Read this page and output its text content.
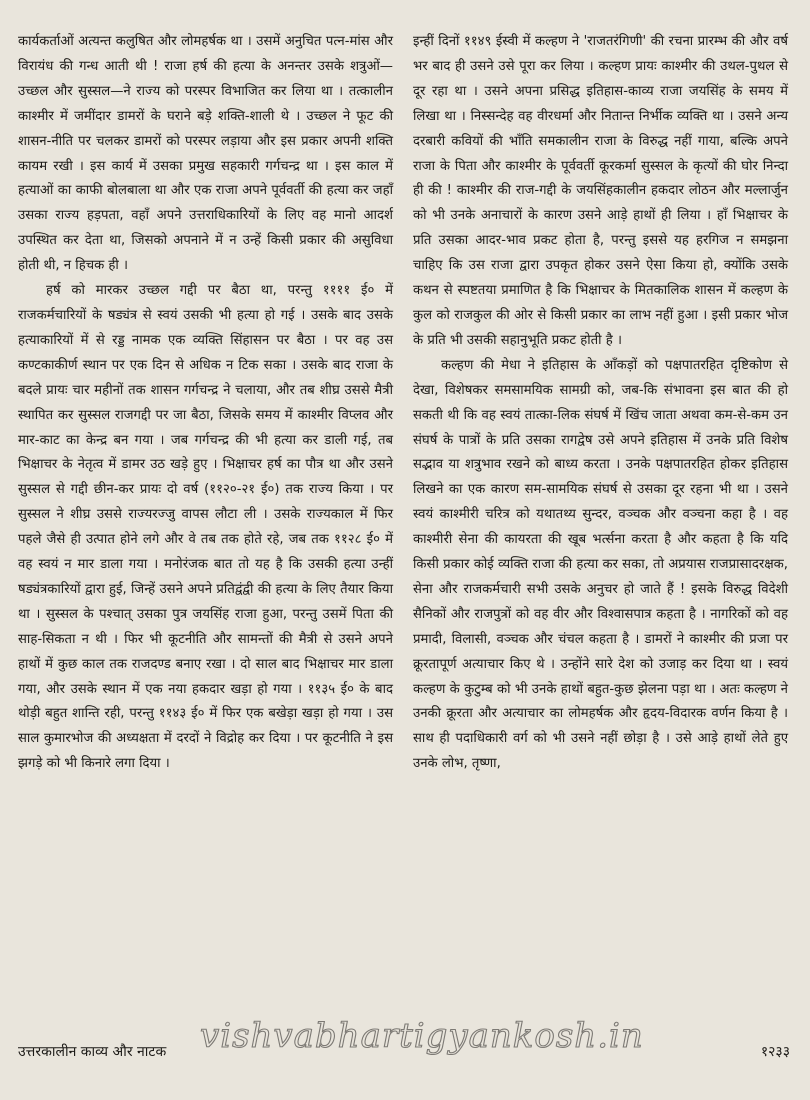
कार्यकर्ताओं अत्यन्त कलुषित और लोमहर्षक था । उसमें अनुचित पत्न-मांस और विरायंध की गन्ध आती थी ! राजा हर्ष की हत्या के अनन्तर उसके शत्रुओं—उच्छल और सुस्सल—ने राज्य को परस्पर विभाजित कर लिया था । तत्कालीन काश्मीर में जमींदार डामरों के घराने बड़े शक्ति-शाली थे । उच्छल ने फूट की शासन-नीति पर चलकर डामरों को परस्पर लड़ाया और इस प्रकार अपनी शक्ति कायम रखी । इस कार्य में उसका प्रमुख सहकारी गर्गचन्द्र था । इस काल में हत्याओं का काफी बोलबाला था और एक राजा अपने पूर्ववर्ती की हत्या कर जहाँ उसका राज्य हड़पता, वहाँ अपने उत्तराधिकारियों के लिए वह मानो आदर्श उपस्थित कर देता था, जिसको अपनाने में न उन्हें किसी प्रकार की असुविधा होती थी, न हिचक ही ।

हर्ष को मारकर उच्छल गद्दी पर बैठा था, परन्तु ११११ ई० में राजकर्मचारियों के षड्यंत्र से स्वयं उसकी भी हत्या हो गई । उसके बाद उसके हत्याकारियों में से रड्ड नामक एक व्यक्ति सिंहासन पर बैठा । पर वह उस कण्टकाकीर्ण स्थान पर एक दिन से अधिक न टिक सका । उसके बाद राजा के बदले प्रायः चार महीनों तक शासन गर्गचन्द्र ने चलाया, और तब शीघ्र उससे मैत्री स्थापित कर सुस्सल राजगद्दी पर जा बैठा, जिसके समय में काश्मीर विप्लव और मार-काट का केन्द्र बन गया । जब गर्गचन्द्र की भी हत्या कर डाली गई, तब भिक्षाचर के नेतृत्व में डामर उठ खड़े हुए । भिक्षाचर हर्ष का पौत्र था और उसने सुस्सल से गद्दी छीन-कर प्रायः दो वर्ष (११२०-२१ ई०) तक राज्य किया । पर सुस्सल ने शीघ्र उससे राज्यरज्जु वापस लौटा ली । उसके राज्यकाल में फिर पहले जैसे ही उत्पात होने लगे और वे तब तक होते रहे, जब तक ११२८ ई० में वह स्वयं न मार डाला गया । मनोरंजक बात तो यह है कि उसकी हत्या उन्हीं षड्यंत्रकारियों द्वारा हुई, जिन्हें उसने अपने प्रतिद्वंद्वी की हत्या के लिए तैयार किया था । सुस्सल के पश्चात् उसका पुत्र जयसिंह राजा हुआ, परन्तु उसमें पिता की साह-सिकता न थी । फिर भी कूटनीति और सामन्तों की मैत्री से उसने अपने हाथों में कुछ काल तक राजदण्ड बनाए रखा । दो साल बाद भिक्षाचर मार डाला गया, और उसके स्थान में एक नया हकदार खड़ा हो गया । ११३५ ई० के बाद थोड़ी बहुत शान्ति रही, परन्तु ११४३ ई० में फिर एक बखेड़ा खड़ा हो गया । उस साल कुमारभोज की अध्यक्षता में दरदों ने विद्रोह कर दिया । पर कूटनीति ने इस झगड़े को भी किनारे लगा दिया ।

इन्हीं दिनों ११४९ ईस्वी में कल्हण ने 'राजतरंगिणी' की रचना प्रारम्भ की और वर्ष भर बाद ही उसने उसे पूरा कर लिया । कल्हण प्रायः काश्मीर की उथल-पुथल से दूर रहा था । उसने अपना प्रसिद्ध इतिहास-काव्य राजा जयसिंह के समय में लिखा था । निस्सन्देह वह वीरधर्मा और नितान्त निर्भीक व्यक्ति था । उसने अन्य दरबारी कवियों की भाँति समकालीन राजा के विरुद्ध नहीं गाया, बल्कि अपने राजा के पिता और काश्मीर के पूर्ववर्ती कूरकर्मा सुस्सल के कृत्यों की घोर निन्दा ही की ! काश्मीर की राज-गद्दी के जयसिंहकालीन हकदार लोठन और मल्लार्जुन को भी उनके अनाचारों के कारण उसने आड़े हाथों ही लिया । हाँ भिक्षाचर के प्रति उसका आदर-भाव प्रकट होता है, परन्तु इससे यह हरगिज न समझना चाहिए कि उस राजा द्वारा उपकृत होकर उसने ऐसा किया हो, क्योंकि उसके कथन से स्पष्टतया प्रमाणित है कि भिक्षाचर के मितकालिक शासन में कल्हण के कुल को राजकुल की ओर से किसी प्रकार का लाभ नहीं हुआ । इसी प्रकार भोज के प्रति भी उसकी सहानुभूति प्रकट होती है ।

कल्हण की मेधा ने इतिहास के आँकड़ों को पक्षपातरहित दृष्टिकोण से देखा, विशेषकर समसामयिक सामग्री को, जब-कि संभावना इस बात की हो सकती थी कि वह स्वयं तात्का-लिक संघर्ष में खिंच जाता अथवा कम-से-कम उन संघर्ष के पात्रों के प्रति उसका रागद्वेष उसे अपने इतिहास में उनके प्रति विशेष सद्भाव या शत्रुभाव रखने को बाध्य करता । उनके पक्षपातरहित होकर इतिहास लिखने का एक कारण सम-सामयिक संघर्ष से उसका दूर रहना भी था । उसने स्वयं काश्मीरी चरित्र को यथातथ्य सुन्दर, वञ्चक और वञ्चना कहा है । वह काश्मीरी सेना की कायरता की खूब भर्त्सना करता है और कहता है कि यदि किसी प्रकार कोई व्यक्ति राजा की हत्या कर सका, तो अप्रयास राजप्रासादरक्षक, सेना और राजकर्मचारी सभी उसके अनुचर हो जाते हैं ! इसके विरुद्ध विदेशी सैनिकों और राजपुत्रों को वह वीर और विश्वासपात्र कहता है । नागरिकों को वह प्रमादी, विलासी, वञ्चक और चंचल कहता है । डामरों ने काश्मीर की प्रजा पर क्रूरतापूर्ण अत्याचार किए थे । उन्होंने सारे देश को उजाड़ कर दिया था । स्वयं कल्हण के कुटुम्ब को भी उनके हाथों बहुत-कुछ झेलना पड़ा था । अतः कल्हण ने उनकी क्रूरता और अत्याचार का लोमहर्षक और हृदय-विदारक वर्णन किया है । साथ ही पदाधिकारी वर्ग को भी उसने नहीं छोड़ा है । उसे आड़े हाथों लेते हुए उनके लोभ, तृष्णा,

उत्तरकालीन काव्य और नाटक	१२३३
vishvabhartigyankosh.in
